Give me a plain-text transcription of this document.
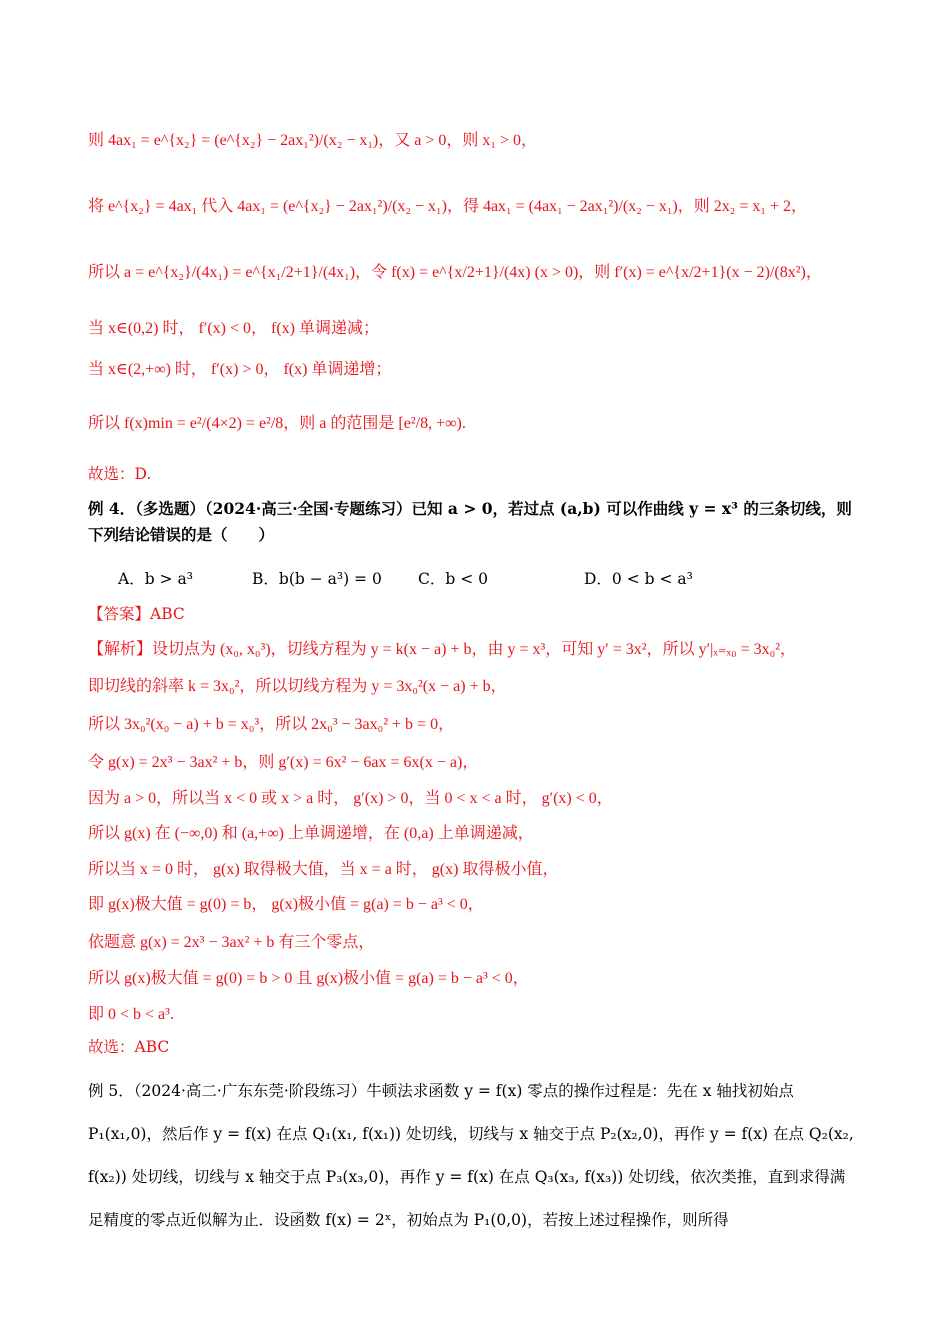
则 4ax₁ = e^{x₂} = (e^{x₂} − 2ax₁²)/(x₂ − x₁)，又 a > 0，则 x₁ > 0，
将 e^{x₂} = 4ax₁ 代入 4ax₁ = (e^{x₂} − 2ax₁²)/(x₂ − x₁)，得 4ax₁ = (4ax₁ − 2ax₁²)/(x₂ − x₁)，则 2x₂ = x₁ + 2，
所以 a = e^{x₂}/(4x₁) = e^{x₁/2+1}/(4x₁)，令 f(x) = e^{x/2+1}/(4x) (x > 0)，则 f′(x) = e^{x/2+1}(x − 2)/(8x²)，
当 x∈(0,2) 时， f′(x) < 0， f(x) 单调递减；
当 x∈(2,+∞) 时， f′(x) > 0， f(x) 单调递增；
所以 f(x)min = e²/(4×2) = e²/8，则 a 的范围是 [e²/8, +∞).
故选：D.
例 4．（多选题）（2024·高三·全国·专题练习）已知 a > 0，若过点 (a,b) 可以作曲线 y = x³ 的三条切线，则下列结论错误的是（　　）
A．b > a³	B．b(b − a³) = 0 C．b < 0	D．0 < b < a³
【答案】ABC
【解析】设切点为 (x₀, x₀³)，切线方程为 y = k(x − a) + b，由 y = x³，可知 y′ = 3x²，所以 y′|ₓ₌ₓ₀ = 3x₀²，
即切线的斜率 k = 3x₀²，所以切线方程为 y = 3x₀²(x − a) + b，
所以 3x₀²(x₀ − a) + b = x₀³，所以 2x₀³ − 3ax₀² + b = 0，
令 g(x) = 2x³ − 3ax² + b，则 g′(x) = 6x² − 6ax = 6x(x − a)，
因为 a > 0，所以当 x < 0 或 x > a 时， g′(x) > 0，当 0 < x < a 时， g′(x) < 0，
所以 g(x) 在 (−∞,0) 和 (a,+∞) 上单调递增，在 (0,a) 上单调递减，
所以当 x = 0 时， g(x) 取得极大值，当 x = a 时， g(x) 取得极小值，
即 g(x)极大值 = g(0) = b， g(x)极小值 = g(a) = b − a³ < 0，
依题意 g(x) = 2x³ − 3ax² + b 有三个零点，
所以 g(x)极大值 = g(0) = b > 0 且 g(x)极小值 = g(a) = b − a³ < 0，
即 0 < b < a³.
故选：ABC
例 5．（2024·高二·广东东莞·阶段练习）牛顿法求函数 y = f(x) 零点的操作过程是：先在 x 轴找初始点 P₁(x₁,0)，然后作 y = f(x) 在点 Q₁(x₁, f(x₁)) 处切线，切线与 x 轴交于点 P₂(x₂,0)，再作 y = f(x) 在点 Q₂(x₂, f(x₂)) 处切线，切线与 x 轴交于点 P₃(x₃,0)，再作 y = f(x) 在点 Q₃(x₃, f(x₃)) 处切线，依次类推，直到求得满足精度的零点近似解为止．设函数 f(x) = 2ˣ，初始点为 P₁(0,0)，若按上述过程操作，则所得
